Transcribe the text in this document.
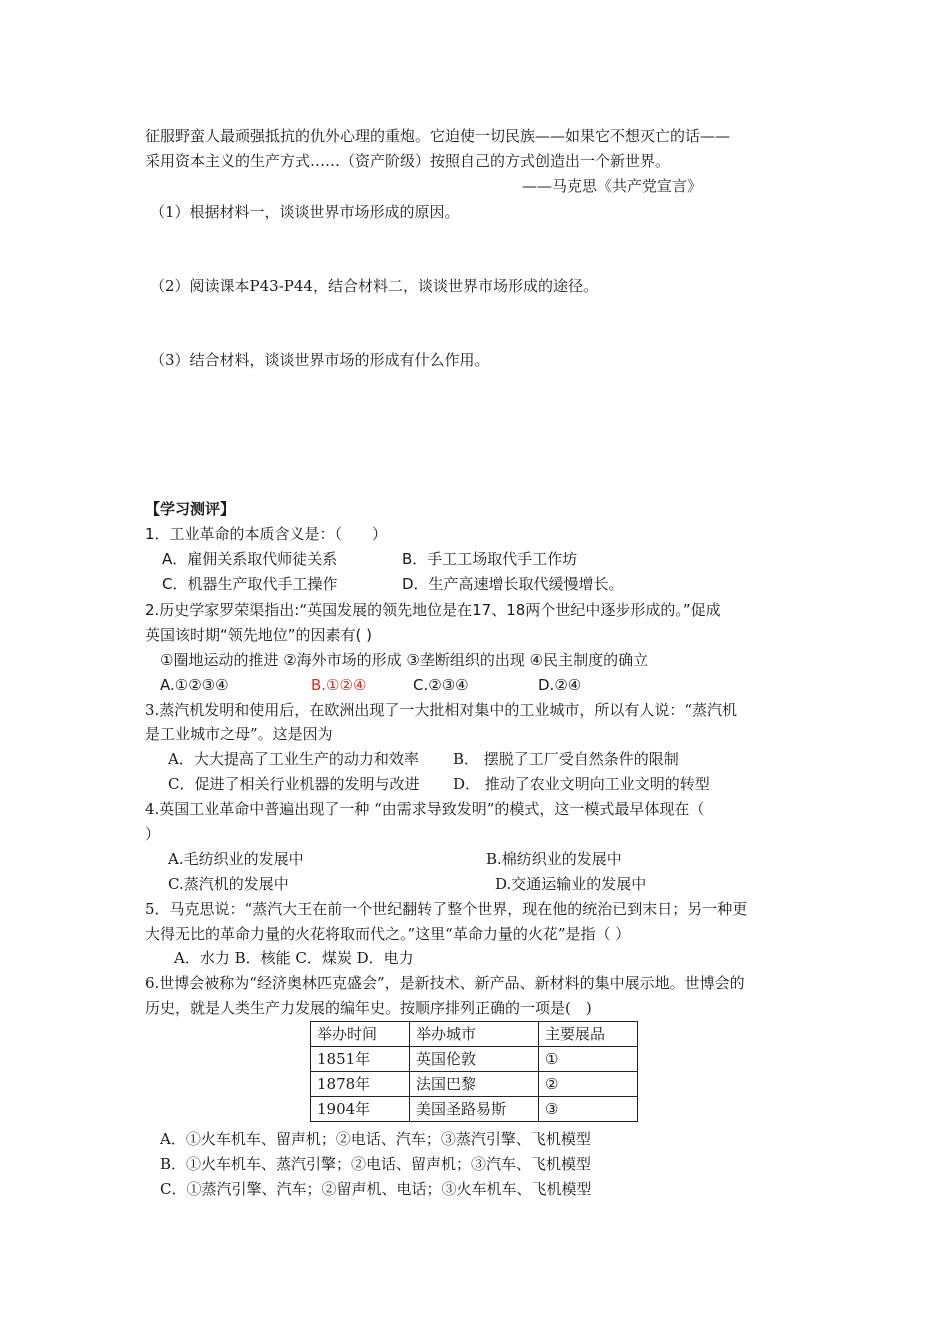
征服野蛮人最顽强抵抗的仇外心理的重炮。它迫使一切民族——如果它不想灭亡的话——
采用资本主义的生产方式……（资产阶级）按照自己的方式创造出一个新世界。
——马克思《共产党宣言》
（1）根据材料一，谈谈世界市场形成的原因。
（2）阅读课本P43-P44，结合材料二，谈谈世界市场形成的途径。
（3）结合材料，谈谈世界市场的形成有什么作用。
【学习测评】
1．工业革命的本质含义是：（　　）
A．雇佣关系取代师徒关系	B．手工工场取代手工作坊
C．机器生产取代手工操作	D．生产高速增长取代缓慢增长。
2.历史学家罗荣渠指出:“英国发展的领先地位是在17、18两个世纪中逐步形成的。”促成
英国该时期“领先地位”的因素有( )
①圈地运动的推进 ②海外市场的形成 ③垄断组织的出现 ④民主制度的确立
A.①②③④	B.①②④	C.②③④	D.②④
3.蒸汽机发明和使用后，在欧洲出现了一大批相对集中的工业城市，所以有人说：“蒸汽机
是工业城市之母”。这是因为
A．大大提高了工业生产的动力和效率 B． 摆脱了工厂受自然条件的限制
C．促进了相关行业机器的发明与改进 D． 推动了农业文明向工业文明的转型
4.英国工业革命中普遍出现了一种 “由需求导致发明”的模式，这一模式最早体现在（
）
A.毛纺织业的发展中	B.棉纺织业的发展中
C.蒸汽机的发展中	D.交通运输业的发展中
5．马克思说：“蒸汽大王在前一个世纪翻转了整个世界，现在他的统治已到末日；另一种更
大得无比的革命力量的火花将取而代之。”这里“革命力量的火花”是指（ ）
A．水力 B．核能 C．煤炭 D．电力
6.世博会被称为“经济奥林匹克盛会”，是新技术、新产品、新材料的集中展示地。世博会的
历史，就是人类生产力发展的编年史。按顺序排列正确的一项是(　)
举办时间	举办城市	主要展品
1851年	英国伦敦	①
1878年	法国巴黎	②
1904年	美国圣路易斯	③
A．①火车机车、留声机；②电话、汽车；③蒸汽引擎、飞机模型
B．①火车机车、蒸汽引擎；②电话、留声机；③汽车、飞机模型
C．①蒸汽引擎、汽车；②留声机、电话；③火车机车、飞机模型
